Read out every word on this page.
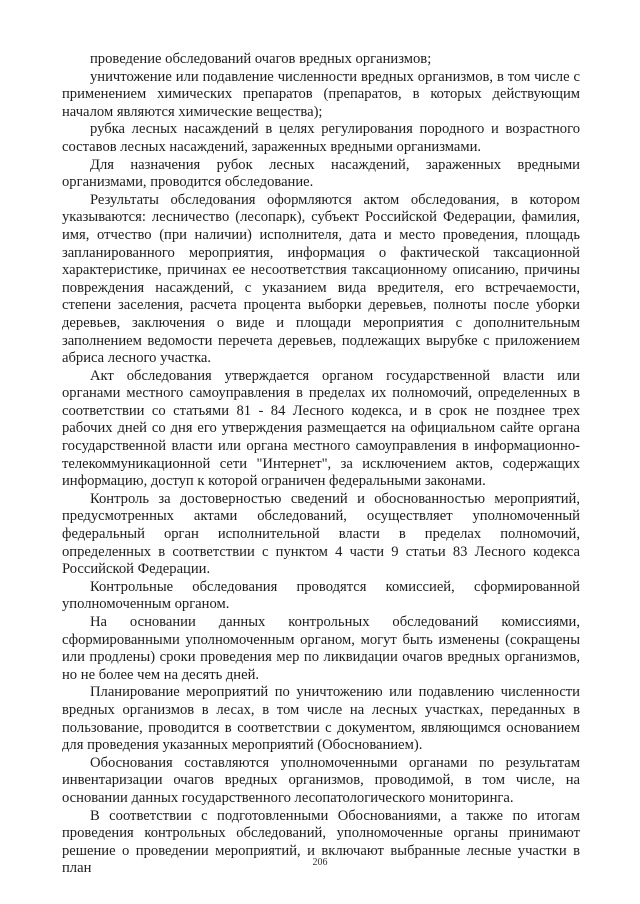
проведение обследований очагов вредных организмов;

уничтожение или подавление численности вредных организмов, в том числе с применением химических препаратов (препаратов, в которых действующим началом являются химические вещества);

рубка лесных насаждений в целях регулирования породного и возрастного составов лесных насаждений, зараженных вредными организмами.

Для назначения рубок лесных насаждений, зараженных вредными организмами, проводится обследование.

Результаты обследования оформляются актом обследования, в котором указываются: лесничество (лесопарк), субъект Российской Федерации, фамилия, имя, отчество (при наличии) исполнителя, дата и место проведения, площадь запланированного мероприятия, информация о фактической таксационной характеристике, причинах ее несоответствия таксационному описанию, причины повреждения насаждений, с указанием вида вредителя, его встречаемости, степени заселения, расчета процента выборки деревьев, полноты после уборки деревьев, заключения о виде и площади мероприятия с дополнительным заполнением ведомости перечета деревьев, подлежащих вырубке с приложением абриса лесного участка.

Акт обследования утверждается органом государственной власти или органами местного самоуправления в пределах их полномочий, определенных в соответствии со статьями 81 - 84 Лесного кодекса, и в срок не позднее трех рабочих дней со дня его утверждения размещается на официальном сайте органа государственной власти или органа местного самоуправления в информационно-телекоммуникационной сети "Интернет", за исключением актов, содержащих информацию, доступ к которой ограничен федеральными законами.

Контроль за достоверностью сведений и обоснованностью мероприятий, предусмотренных актами обследований, осуществляет уполномоченный федеральный орган исполнительной власти в пределах полномочий, определенных в соответствии с пунктом 4 части 9 статьи 83 Лесного кодекса Российской Федерации.

Контрольные обследования проводятся комиссией, сформированной уполномоченным органом.

На основании данных контрольных обследований комиссиями, сформированными уполномоченным органом, могут быть изменены (сокращены или продлены) сроки проведения мер по ликвидации очагов вредных организмов, но не более чем на десять дней.

Планирование мероприятий по уничтожению или подавлению численности вредных организмов в лесах, в том числе на лесных участках, переданных в пользование, проводится в соответствии с документом, являющимся основанием для проведения указанных мероприятий (Обоснованием).

Обоснования составляются уполномоченными органами по результатам инвентаризации очагов вредных организмов, проводимой, в том числе, на основании данных государственного лесопатологического мониторинга.

В соответствии с подготовленными Обоснованиями, а также по итогам проведения контрольных обследований, уполномоченные органы принимают решение о проведении мероприятий, и включают выбранные лесные участки в план	206
